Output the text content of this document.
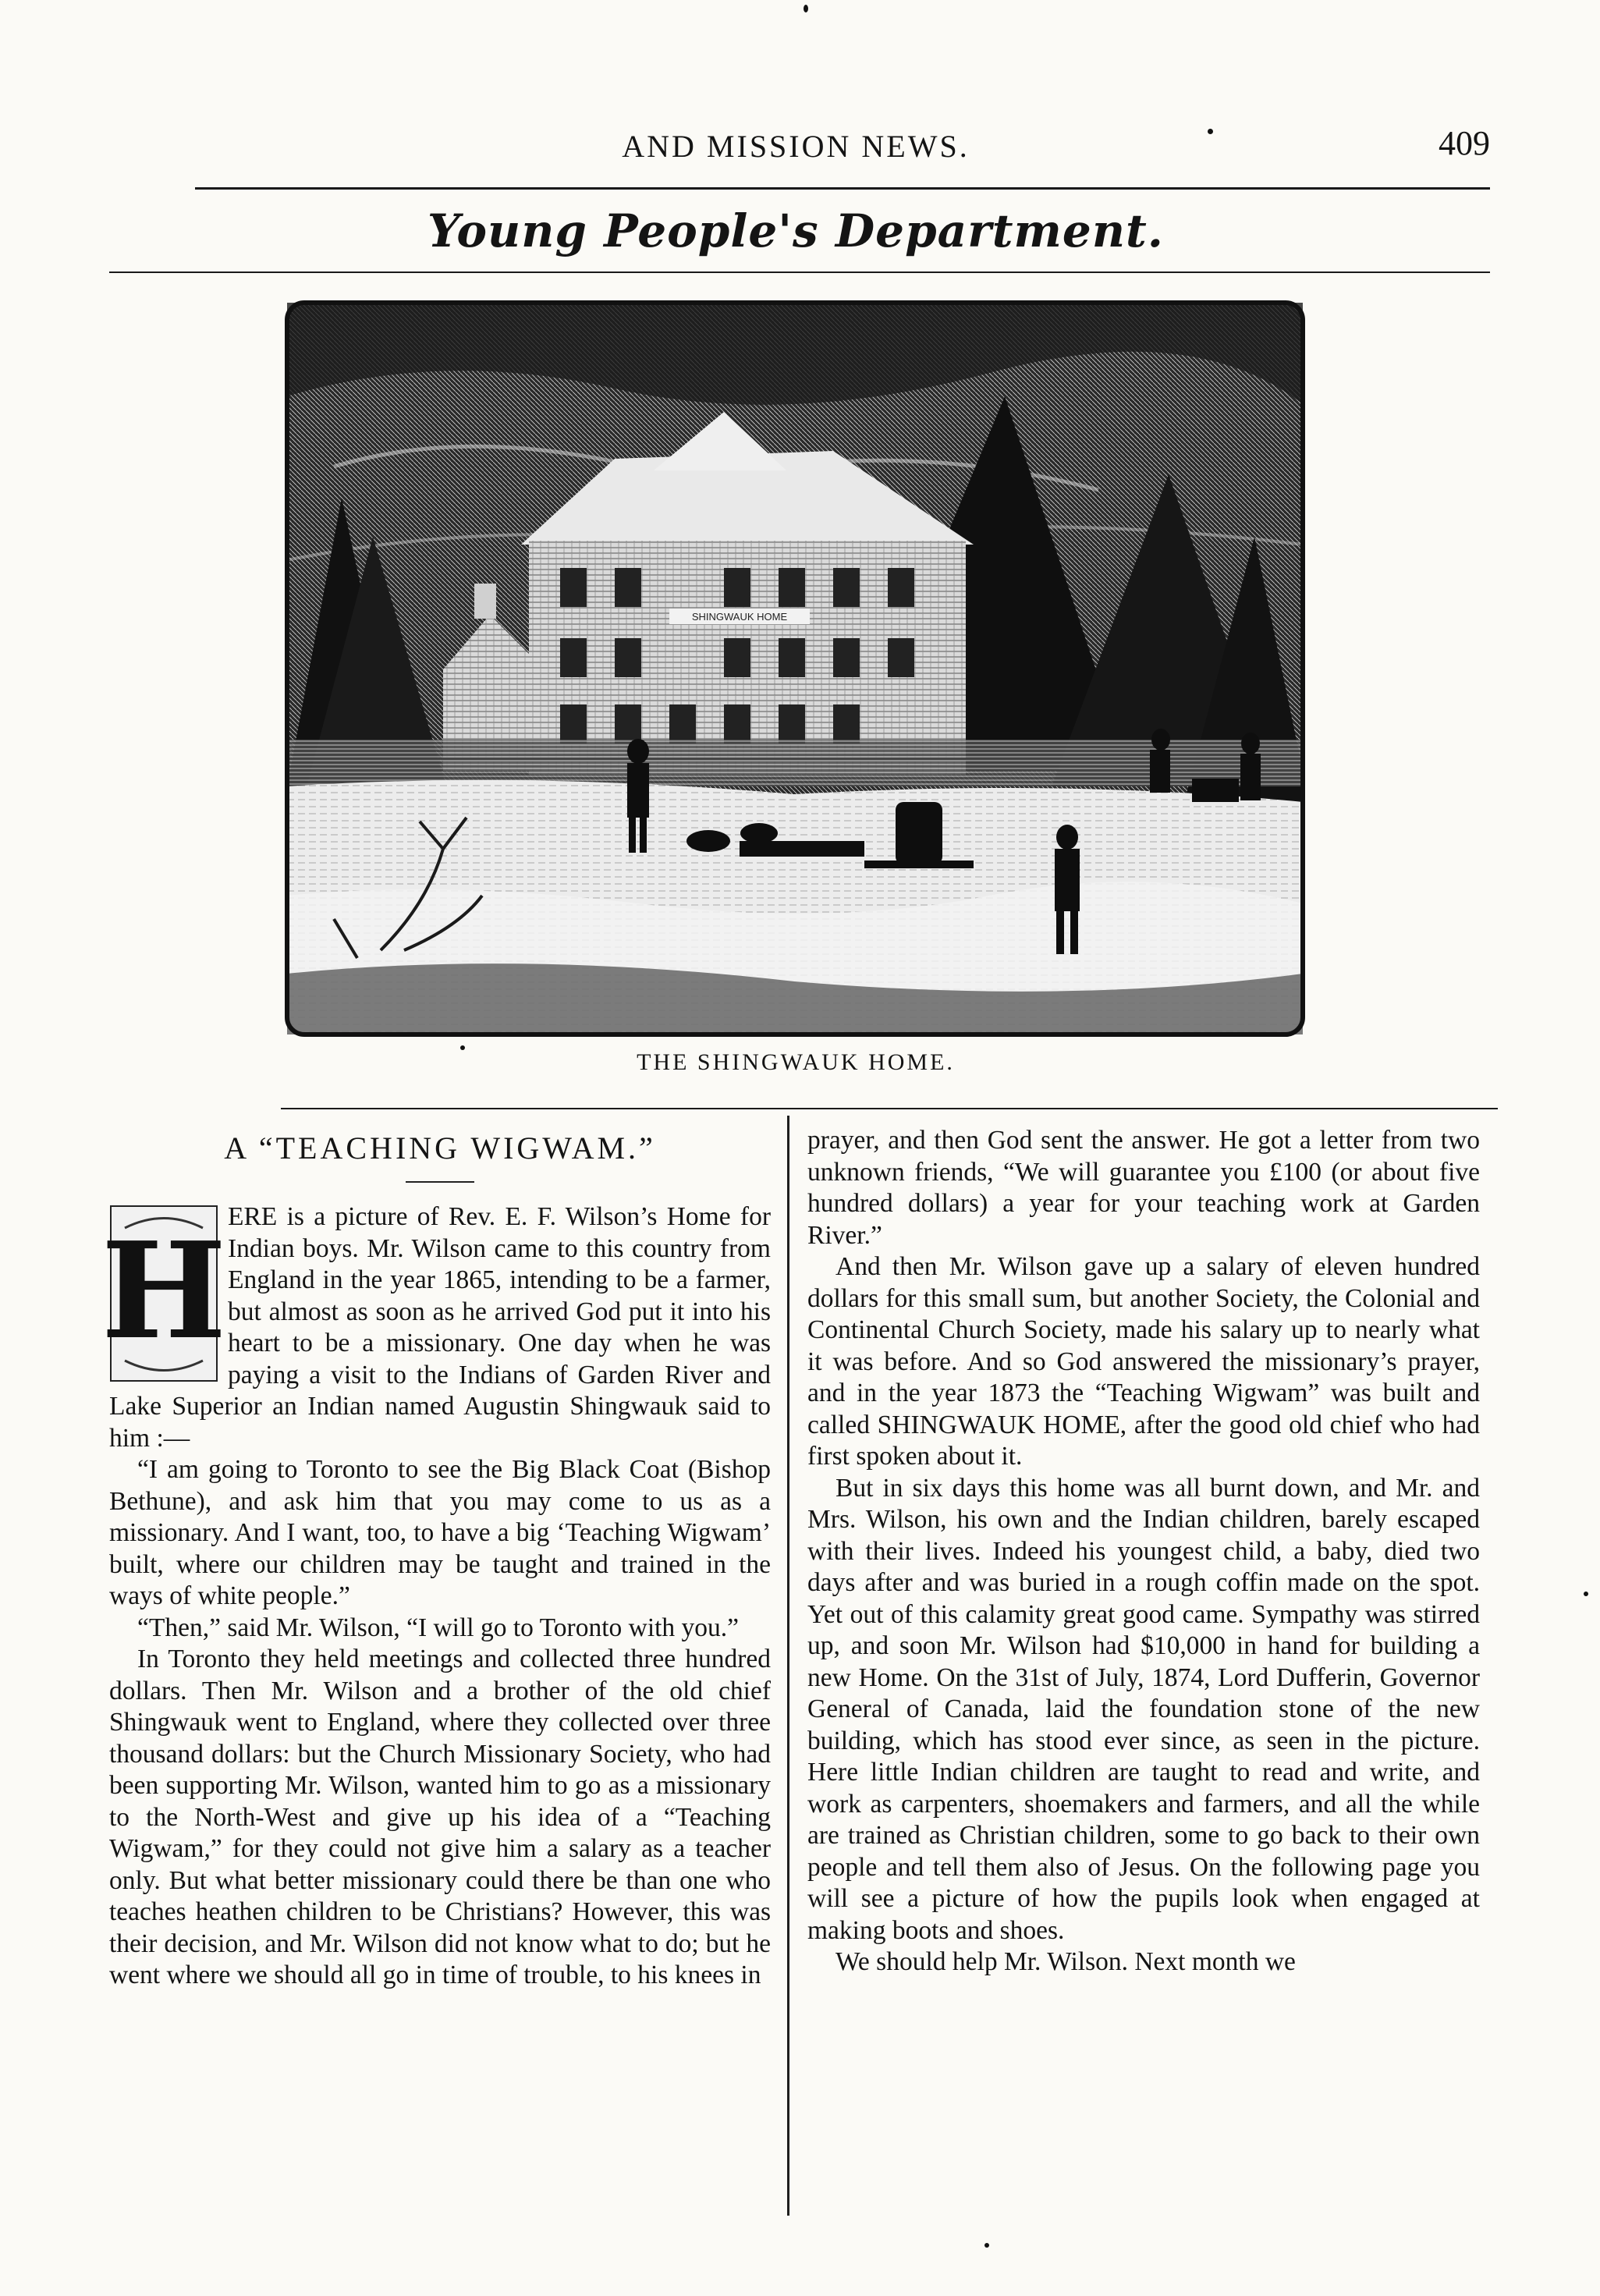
AND MISSION NEWS.	409
Young People's Department.
SHINGWAUK HOME
THE SHINGWAUK HOME.
A “TEACHING WIGWAM.”

H ERE is a picture of Rev. E. F. Wilson’s Home for Indian boys. Mr. Wilson came to this country from England in the year 1865, intending to be a farmer, but almost as soon as he arrived God put it into his heart to be a missionary. One day when he was paying a visit to the Indians of Garden River and Lake Superior an Indian named Augustin Shingwauk said to him :—

“I am going to Toronto to see the Big Black Coat (Bishop Bethune), and ask him that you may come to us as a missionary. And I want, too, to have a big ‘Teaching Wigwam’ built, where our children may be taught and trained in the ways of white people.”

“Then,” said Mr. Wilson, “I will go to Toronto with you.”

In Toronto they held meetings and collected three hundred dollars. Then Mr. Wilson and a brother of the old chief Shingwauk went to England, where they collected over three thousand dollars: but the Church Missionary Society, who had been supporting Mr. Wilson, wanted him to go as a missionary to the North-West and give up his idea of a “Teaching Wigwam,” for they could not give him a salary as a teacher only. But what better missionary could there be than one who teaches heathen children to be Christians? However, this was their decision, and Mr. Wilson did not know what to do; but he went where we should all go in time of trouble, to his knees in

prayer, and then God sent the answer. He got a letter from two unknown friends, “We will guarantee you £100 (or about five hundred dollars) a year for your teaching work at Garden River.”

And then Mr. Wilson gave up a salary of eleven hundred dollars for this small sum, but another Society, the Colonial and Continental Church Society, made his salary up to nearly what it was before. And so God answered the missionary’s prayer, and in the year 1873 the “Teaching Wigwam” was built and called SHINGWAUK HOME, after the good old chief who had first spoken about it.

But in six days this home was all burnt down, and Mr. and Mrs. Wilson, his own and the Indian children, barely escaped with their lives. Indeed his youngest child, a baby, died two days after and was buried in a rough coffin made on the spot. Yet out of this calamity great good came. Sympathy was stirred up, and soon Mr. Wilson had $10,000 in hand for building a new Home. On the 31st of July, 1874, Lord Dufferin, Governor General of Canada, laid the foundation stone of the new building, which has stood ever since, as seen in the picture. Here little Indian children are taught to read and write, and work as carpenters, shoemakers and farmers, and all the while are trained as Christian children, some to go back to their own people and tell them also of Jesus. On the following page you will see a picture of how the pupils look when engaged at making boots and shoes.

We should help Mr. Wilson. Next month we
